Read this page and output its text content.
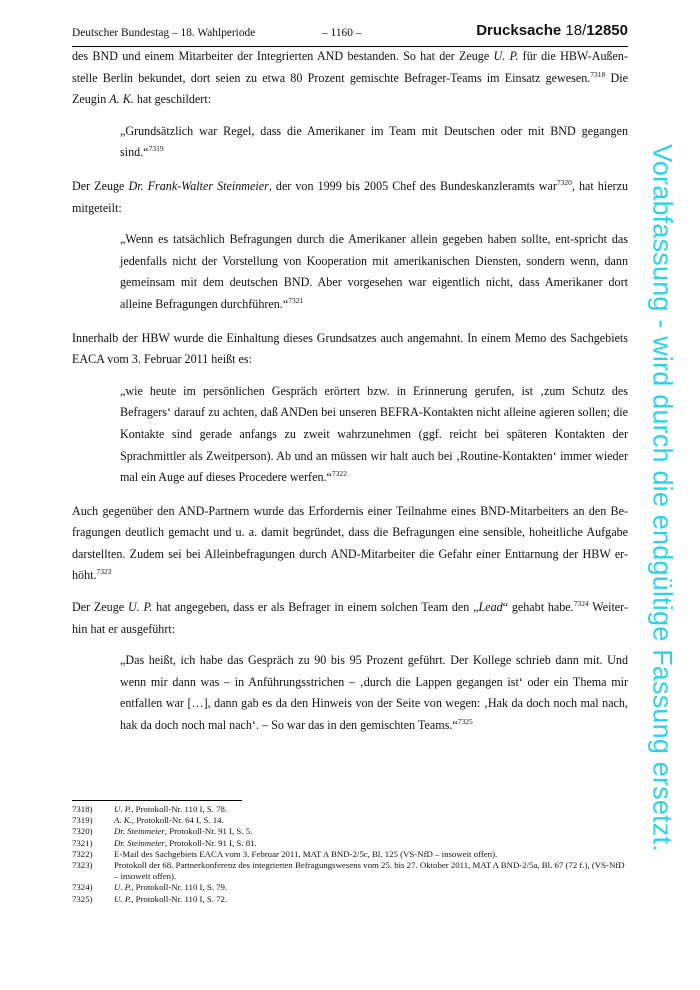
Deutscher Bundestag – 18. Wahlperiode	– 1160 –	Drucksache 18/12850

des BND und einem Mitarbeiter der Integrierten AND bestanden. So hat der Zeuge U. P. für die HBW-Außen-stelle Berlin bekundet, dort seien zu etwa 80 Prozent gemischte Befrager-Teams im Einsatz gewesen.$^{7318}$ Die Zeugin A. K. hat geschildert:

„Grundsätzlich war Regel, dass die Amerikaner im Team mit Deutschen oder mit BND gegangen sind.“$^{7319}$

Der Zeuge Dr. Frank-Walter Steinmeier, der von 1999 bis 2005 Chef des Bundeskanzleramts war$^{7320}$, hat hierzu mitgeteilt:

„Wenn es tatsächlich Befragungen durch die Amerikaner allein gegeben haben sollte, ent-spricht das jedenfalls nicht der Vorstellung von Kooperation mit amerikanischen Diensten, sondern wenn, dann gemeinsam mit dem deutschen BND. Aber vorgesehen war eigentlich nicht, dass Amerikaner dort alleine Befragungen durchführen.“$^{7321}$

Innerhalb der HBW wurde die Einhaltung dieses Grundsatzes auch angemahnt. In einem Memo des Sachgebiets EACA vom 3. Februar 2011 heißt es:

„wie heute im persönlichen Gespräch erörtert bzw. in Erinnerung gerufen, ist ‚zum Schutz des Befragers‘ darauf zu achten, daß ANDen bei unseren BEFRA-Kontakten nicht alleine agieren sollen; die Kontakte sind gerade anfangs zu zweit wahrzunehmen (ggf. reicht bei späteren Kontakten der Sprachmittler als Zweitperson). Ab und an müssen wir halt auch bei ‚Routine-Kontakten‘ immer wieder mal ein Auge auf dieses Procedere werfen.“$^{7322}$

Auch gegenüber den AND-Partnern wurde das Erfordernis einer Teilnahme eines BND-Mitarbeiters an den Be-fragungen deutlich gemacht und u. a. damit begründet, dass die Befragungen eine sensible, hoheitliche Aufgabe darstellten. Zudem sei bei Alleinbefragungen durch AND-Mitarbeiter die Gefahr einer Enttarnung der HBW er-höht.$^{7323}$

Der Zeuge U. P. hat angegeben, dass er als Befrager in einem solchen Team den „Lead“ gehabt habe.$^{7324}$ Weiter-hin hat er ausgeführt:

„Das heißt, ich habe das Gespräch zu 90 bis 95 Prozent geführt. Der Kollege schrieb dann mit. Und wenn mir dann was – in Anführungsstrichen – ‚durch die Lappen gegangen ist‘ oder ein Thema mir entfallen war […], dann gab es da den Hinweis von der Seite von wegen: ‚Hak da doch noch mal nach, hak da doch noch mal nach‘. – So war das in den gemischten Teams.“$^{7325}$
7318)	U. P., Protokoll-Nr. 110 I, S. 78.
7319)	A. K., Protokoll-Nr. 64 I, S. 14.
7320)	Dr. Steinmeier, Protokoll-Nr. 91 I, S. 5.
7321)	Dr. Steinmeier, Protokoll-Nr. 91 I, S. 81.
7322)	E-Mail des Sachgebiets EACA vom 3. Februar 2011, MAT A BND-2/5c, Bl. 125 (VS-NfD – insoweit offen).
7323)	Protokoll der 68. Partnerkonferenz des integrierten Befragungswesens vom 25. bis 27. Oktober 2011, MAT A BND-2/5a, Bl. 67 (72 f.), (VS-NfD – insoweit offen).
7324)	U. P., Protokoll-Nr. 110 I, S. 79.
7325)	U. P., Protokoll-Nr. 110 I, S. 72.
Vorabfassung - wird durch die endgültige Fassung ersetzt.
